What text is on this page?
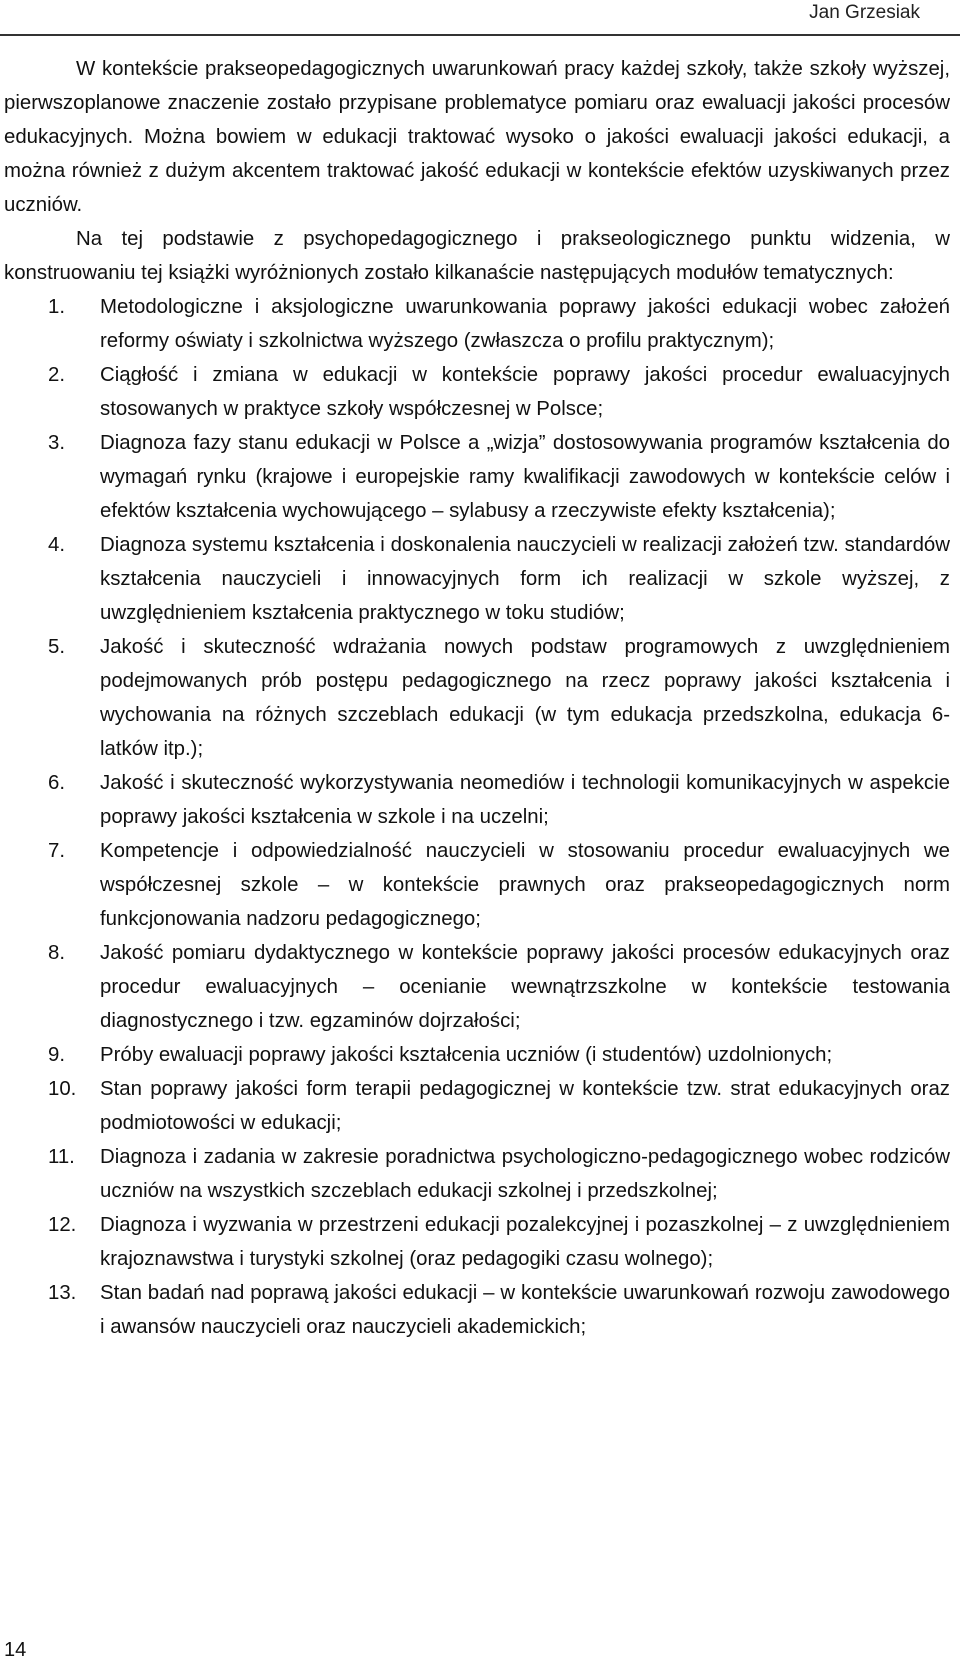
Jan Grzesiak

W kontekście prakseopedagogicznych uwarunkowań pracy każdej szkoły, także szkoły wyższej, pierwszoplanowe znaczenie zostało przypisane problematyce pomiaru oraz ewaluacji jakości procesów edukacyjnych. Można bowiem w edukacji traktować wysoko o jakości ewaluacji jakości edukacji, a można również z dużym akcentem traktować jakość edukacji w kontekście efektów uzyskiwanych przez uczniów.

Na tej podstawie z psychopedagogicznego i prakseologicznego punktu widzenia, w konstruowaniu tej książki wyróżnionych zostało kilkanaście następujących modułów tematycznych:

1. Metodologiczne i aksjologiczne uwarunkowania poprawy jakości edukacji wobec założeń reformy oświaty i szkolnictwa wyższego (zwłaszcza o profilu praktycznym);
2. Ciągłość i zmiana w edukacji w kontekście poprawy jakości procedur ewaluacyjnych stosowanych w praktyce szkoły współczesnej w Polsce;
3. Diagnoza fazy stanu edukacji w Polsce a „wizja” dostosowywania programów kształcenia do wymagań rynku (krajowe i europejskie ramy kwalifikacji zawodowych w kontekście celów i efektów kształcenia wychowującego – sylabusy a rzeczywiste efekty kształcenia);
4. Diagnoza systemu kształcenia i doskonalenia nauczycieli w realizacji założeń tzw. standardów kształcenia nauczycieli i innowacyjnych form ich realizacji w szkole wyższej, z uwzględnieniem kształcenia praktycznego w toku studiów;
5. Jakość i skuteczność wdrażania nowych podstaw programowych z uwzględnieniem podejmowanych prób postępu pedagogicznego na rzecz poprawy jakości kształcenia i wychowania na różnych szczeblach edukacji (w tym edukacja przedszkolna, edukacja 6-latków itp.);
6. Jakość i skuteczność wykorzystywania neomediów i technologii komunikacyjnych w aspekcie poprawy jakości kształcenia w szkole i na uczelni;
7. Kompetencje i odpowiedzialność nauczycieli w stosowaniu procedur ewaluacyjnych we współczesnej szkole – w kontekście prawnych oraz prakseopedagogicznych norm funkcjonowania nadzoru pedagogicznego;
8. Jakość pomiaru dydaktycznego w kontekście poprawy jakości procesów edukacyjnych oraz procedur ewaluacyjnych – ocenianie wewnątrzszkolne w kontekście testowania diagnostycznego i tzw. egzaminów dojrzałości;
9. Próby ewaluacji poprawy jakości kształcenia uczniów (i studentów) uzdolnionych;
10. Stan poprawy jakości form terapii pedagogicznej w kontekście tzw. strat edukacyjnych oraz podmiotowości w edukacji;
11. Diagnoza i zadania w zakresie poradnictwa psychologiczno-pedagogicznego wobec rodziców uczniów na wszystkich szczeblach edukacji szkolnej i przedszkolnej;
12. Diagnoza i wyzwania w przestrzeni edukacji pozalekcyjnej i pozaszkolnej – z uwzględnieniem krajoznawstwa i turystyki szkolnej (oraz pedagogiki czasu wolnego);
13. Stan badań nad poprawą jakości edukacji – w kontekście uwarunkowań rozwoju zawodowego i awansów nauczycieli oraz nauczycieli akademickich;
14
